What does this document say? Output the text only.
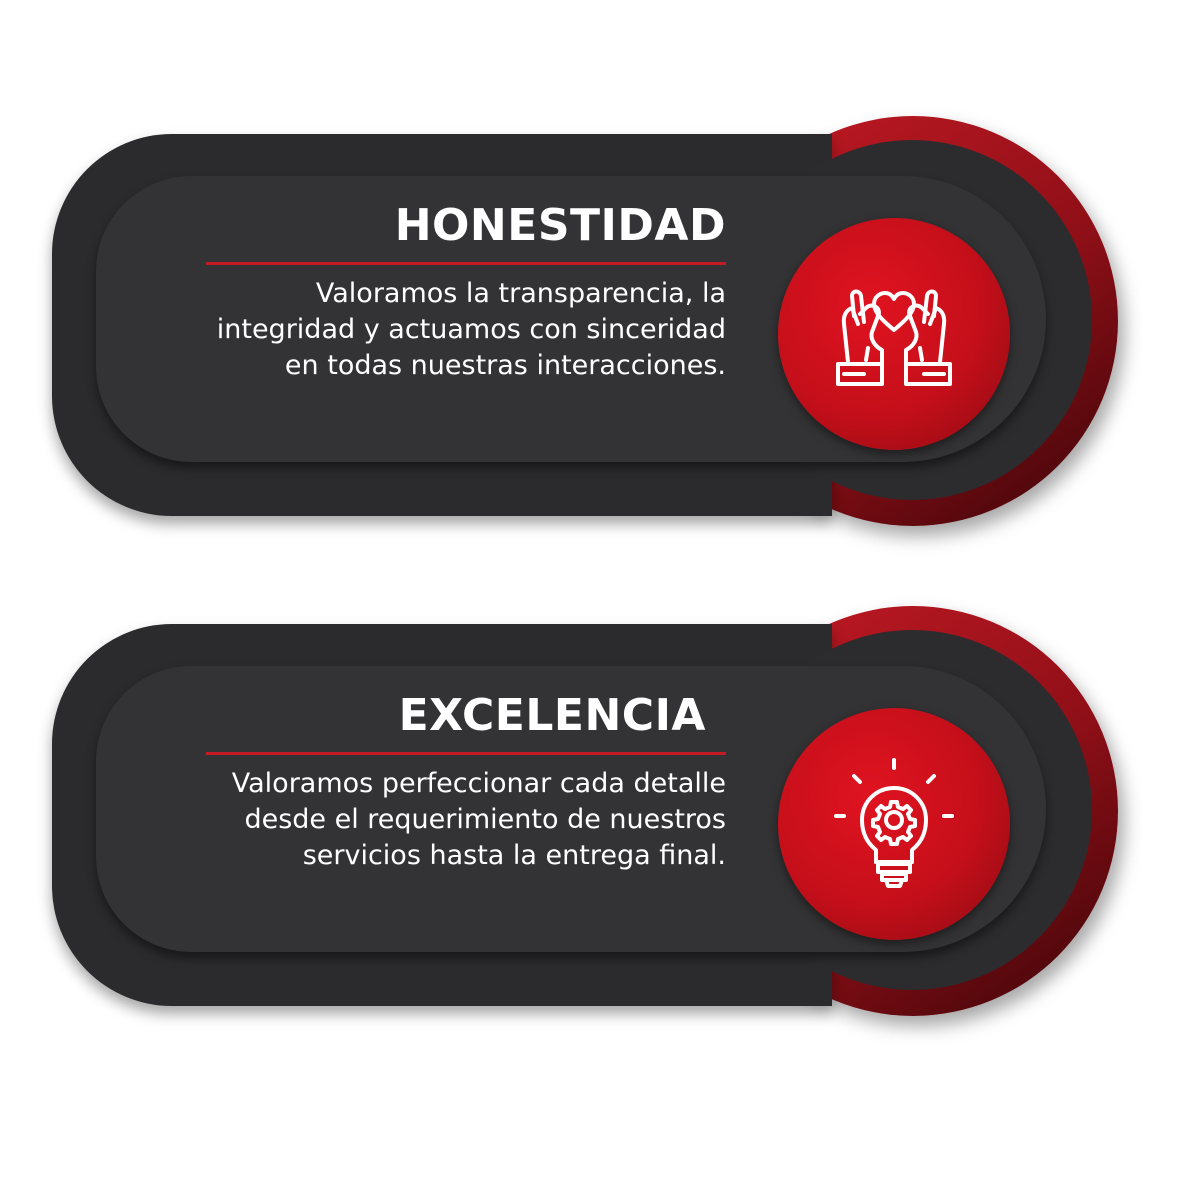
HONESTIDAD
Valoramos la transparencia, la integridad y actuamos con sinceridad en todas nuestras interacciones.
EXCELENCIA
Valoramos perfeccionar cada detalle desde el requerimiento de nuestros servicios hasta la entrega final.
